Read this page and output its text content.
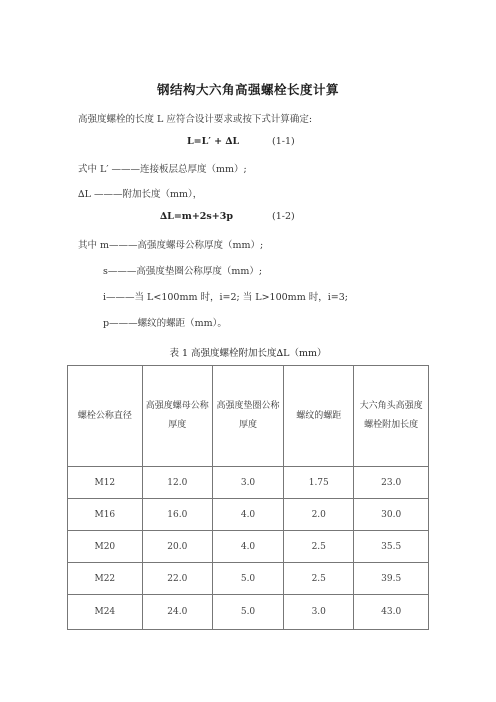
钢结构大六角高强螺栓长度计算
高强度螺栓的长度 L 应符合设计要求或按下式计算确定:
L=L′ + ∆L	(1-1)
式中 L′ ———连接板层总厚度（mm）;
∆L ———附加长度（mm），
∆L=m+2s+3p	(1-2)
其中 m———高强度螺母公称厚度（mm）;
s———高强度垫圈公称厚度（mm）;
i———当 L<100mm 时，i=2; 当 L>100mm 时，i=3;
p———螺纹的螺距（mm）。
表 1 高强度螺栓附加长度∆L（mm）
螺栓公称直径	高强度螺母公称厚度	高强度垫圈公称厚度	螺纹的螺距	大六角头高强度螺栓附加长度
M12	12.0	3.0	1.75	23.0
M16	16.0	4.0	2.0	30.0
M20	20.0	4.0	2.5	35.5
M22	22.0	5.0	2.5	39.5
M24	24.0	5.0	3.0	43.0
